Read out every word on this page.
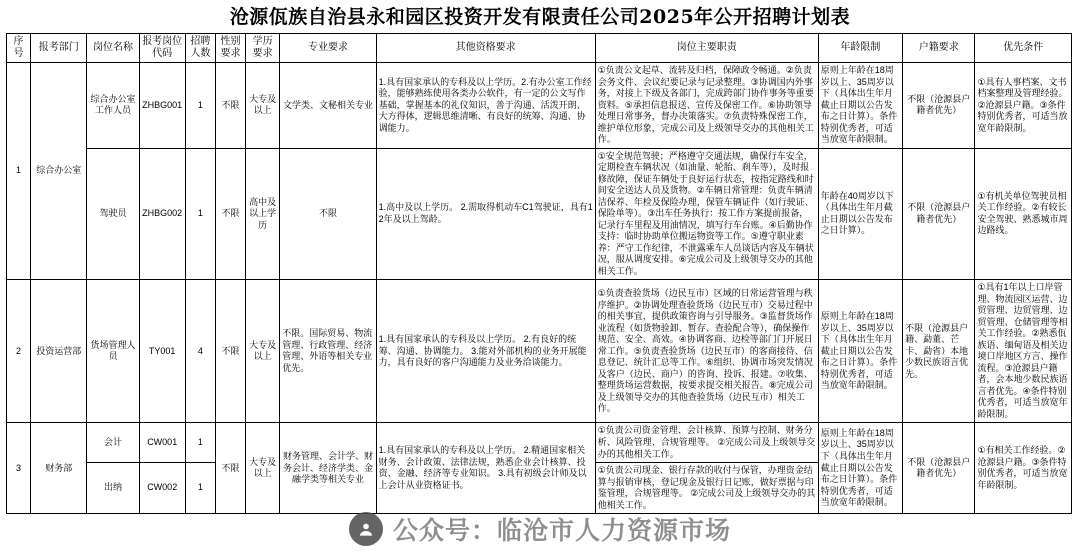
沧源佤族自治县永和园区投资开发有限责任公司2025年公开招聘计划表
序号	报考部门	岗位名称	报考岗位代码	招聘人数	性别要求	学历要求	专业要求	其他资格要求	岗位主要职责	年龄限制	户籍要求	优先条件
1	综合办公室	综合办公室工作人员	ZHBG001	1	不限	大专及以上	文学类、文秘相关专业	1.具有国家承认的专科及以上学历。2.有办公室工作经验，能够熟练使用各类办公软件，有一定的公文写作基础，掌握基本的礼仪知识，善于沟通、活泼开朗、大方得体，逻辑思维清晰、有良好的统筹、沟通、协调能力。	①负责公文起草、流转及归档，保障政令畅通。②负责会务文件、会议纪要记录与记录整理。③协调国内外事务，对接上下级及各部门，完成跨部门协作事务等重要资料。⑤承担信息报送、宣传及保密工作。⑥协助领导处理日常事务，督办决策落实。⑦负责特殊保密工作，维护单位形象，完成公司及上级领导交办的其他相关工作。	原则上年龄在18周岁以上、35周岁以下（具体出生年月截止日期以公告发布之日计算）。条件特别优秀者，可适当放宽年龄限制。	不限（沧源县户籍者优先）	①具有人事档案、文书档案整理及管理经验。②沧源县户籍。③条件特别优秀者，可适当放宽年龄限制。
		驾驶员	ZHBG002	1	不限	高中及以上学历	不限	1.高中及以上学历。 2.需取得机动车C1驾驶证，具有12年及以上驾龄。	①安全规范驾驶；严格遵守交通法规，确保行车安全，定期检查车辆状况（如油量、轮胎、刹车等），及时报修故障，保证车辆处于良好运行状态，按指定路线和时间安全送达人员及货物。②车辆日常管理：负责车辆清洁保养、年检及保险办理，保管车辆证件（如行驶证、保险单等）。③出车任务执行：按工作方案提前报备，记录行车里程及用油情况，填写行车台账。④后勤协作支持：临时协助单位搬运物资等工作。⑤遵守职业素养：严守工作纪律，不泄露乘车人员谈话内容及车辆状况，服从调度安排。⑥完成公司及上级领导交办的其他相关工作。	年龄在40周岁以下（具体出生年月截止日期以公告发布之日计算）。	不限（沧源县户籍者优先）	①有机关单位驾驶员相关工作经验。②有较长安全驾驶、熟悉城市周边路线。
2	投资运营部	货场管理人员	TY001	4	不限	大专及以上	不限。国际贸易、物流管理、行政管理、经济管理、外语等相关专业优先。	1.具有国家承认的专科及以上学历。 2.有良好的统筹、沟通、协调能力。 3.能对外部机构的业务开展能力，具有良好的客户沟通能力及业务洽谈能力。	①负责查验货场（边民互市）区域的日常运营管理与秩序维护。②协调处理查验货场（边民互市）交易过程中的相关事宜，提供政策咨询与引导服务。③监督货场作业流程（如货物验卸、暂存、查验配合等），确保操作规范、安全、高效。④协调客商、边检等部门门开展日常工作。⑤负责查验货场（边民互市）的客商接待、信息登记、统计汇总等工作。⑥组织、协调市场突发情况及客户（边民、商户）的咨询、投诉、报建。⑦收集、整理货场运营数据，按要求提交相关报告。⑧完成公司及上级领导交办的其他查验货场（边民互市）相关工作。	原则上年龄在18周岁以上、35周岁以下（具体出生年月截止日期以公告发布之日计算）。条件特别优秀者，可适当放宽年龄限制。	不限（沧源县户籍、勐董、芒卡、勐省）本地少数民族语言优先。	①具有1年以上口岸管理、物流园区运营、边贸管理、边贸管理、边贸管理、仓储管理等相关工作经验。②熟悉佤族语、缅甸语及相关边境口岸地区方言、操作流程。③沧源县户籍者，会本地少数民族语言者优先。④条件特别优秀者，可适当放宽年龄限制。
3	财务部	会计	CW001	1	不限	大专及以上	财务管理、会计学、财务会计、经济学类、金融学类等相关专业	1.具有国家承认的专科及以上学历。 2.精通国家相关财务、会计政策、法律法规，熟悉企业会计核算、投资、金融、经济等专业知识。 3.具有初级会计师及以上会计从业资格证书。	①负责公司资金管理、会计核算、预算与控制、财务分析、风险管理、合规管理等。 ②完成公司及上级领导交办的其他相关工作。	原则上年龄在18周岁以上、35周岁以下（具体出生年月截止日期以公告发布之日计算）。条件特别优秀者，可适当放宽年龄限制。	不限（沧源县户籍者优先）	①有相关工作经验。②沧源县户籍。③条件特别优秀者，可适当放宽年龄限制。
		出纳	CW002	1					①负责公司现金、银行存款的收付与保管，办理资金结算与报销审核，登记现金及银行日记账，做好票据与印鉴管理，合规管理等。 ②完成公司及上级领导交办的其他相关工作。			
公众号：临沧市人力资源市场
